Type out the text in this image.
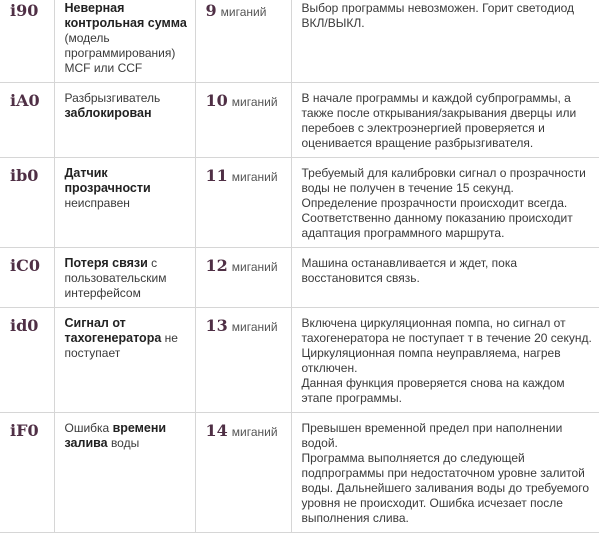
i90	Неверная контрольная сумма (модель программирования) MCF или CCF	9 миганий	Выбор программы невозможен. Горит светодиод ВКЛ/ВЫКЛ.

iA0	Разбрызгиватель заблокирован	10 миганий	В начале программы и каждой субпрограммы, а также после открывания/закрывания дверцы или перебоев с электроэнергией проверяется и оценивается вращение разбрызгивателя.

ib0	Датчик прозрачности неисправен	11 миганий	Требуемый для калибровки сигнал о прозрачности воды не получен в течение 15 секунд.

Определение прозрачности происходит всегда. Соответственно данному показанию происходит адаптация программного маршрута.

iC0	Потеря связи с пользовательским интерфейсом	12 миганий	Машина останавливается и ждет, пока восстановится связь.

id0	Сигнал от тахогенератора не поступает	13 миганий	Включена циркуляционная помпа, но сигнал от тахогенератора не поступает т в течение 20 секунд.

Циркуляционная помпа неуправляема, нагрев отключен.

Данная функция проверяется снова на каждом этапе программы.

iF0	Ошибка времени залива воды	14 миганий	Превышен временной предел при наполнении водой.

Программа выполняется до следующей подпрограммы при недостаточном уровне залитой воды. Дальнейшего заливания воды до требуемого уровня не происходит. Ошибка исчезает после выполнения слива.
